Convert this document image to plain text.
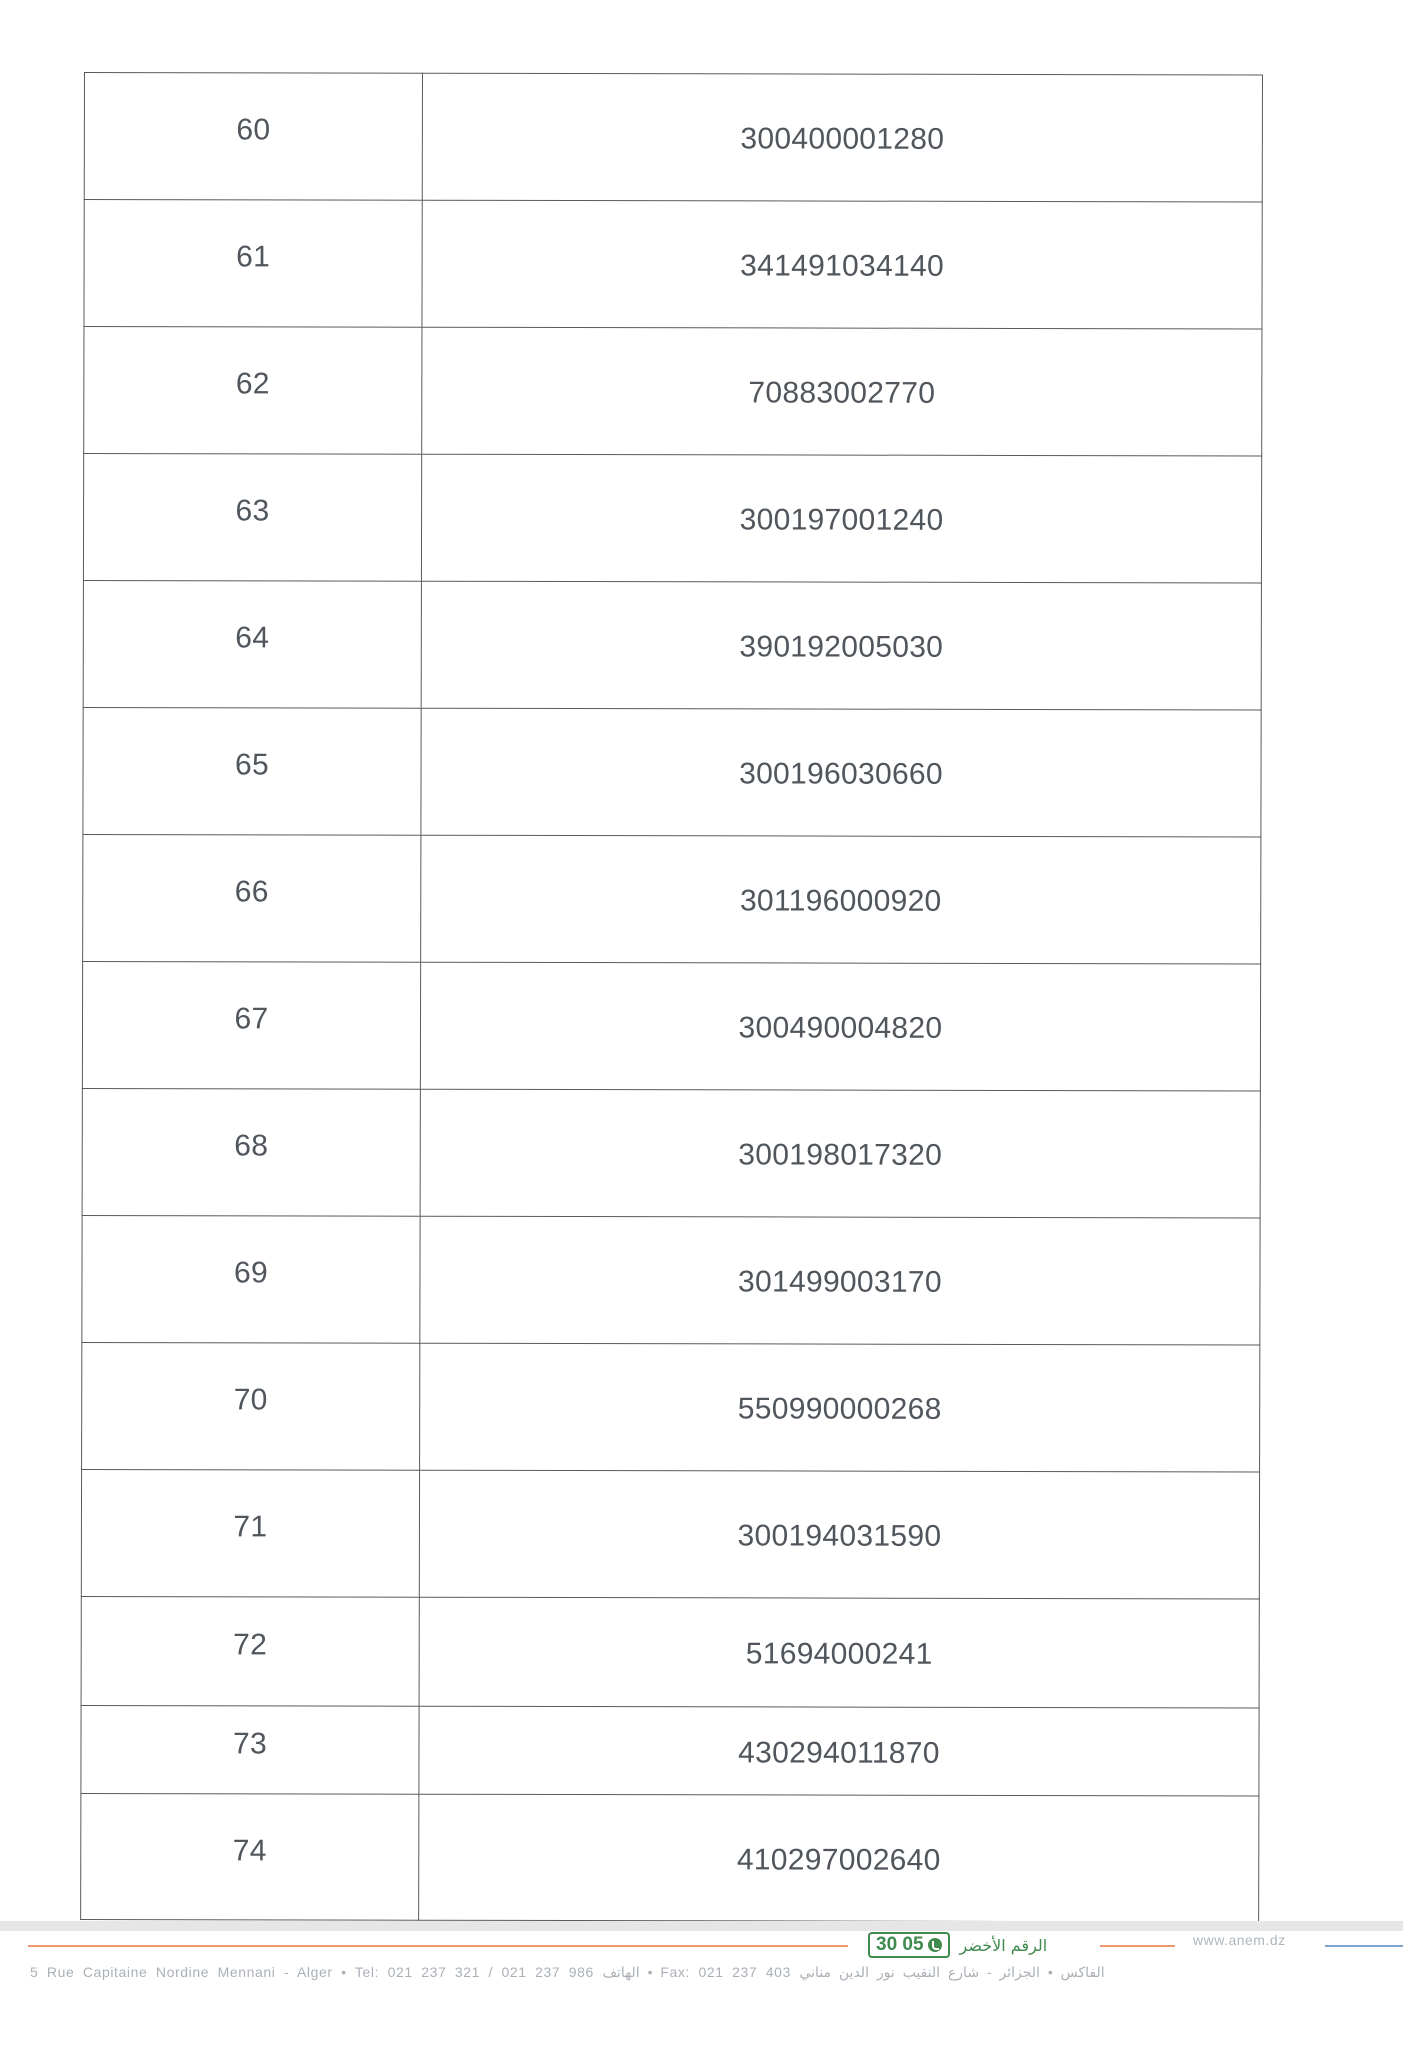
60	300400001280
61	341491034140
62	70883002770
63	300197001240
64	390192005030
65	300196030660
66	301196000920
67	300490004820
68	300198017320
69	301499003170
70	550990000268
71	300194031590
72	51694000241
73	430294011870
74	410297002640
30 05 الرقم الأخضر	www.anem.dz
5 Rue Capitaine Nordine Mennani - Alger • Tel: 021 237 321 / 021 237 986 الهاتف • Fax: 021 237 403 الفاكس • الجزائر - شارع النقيب نور الدين مناني
